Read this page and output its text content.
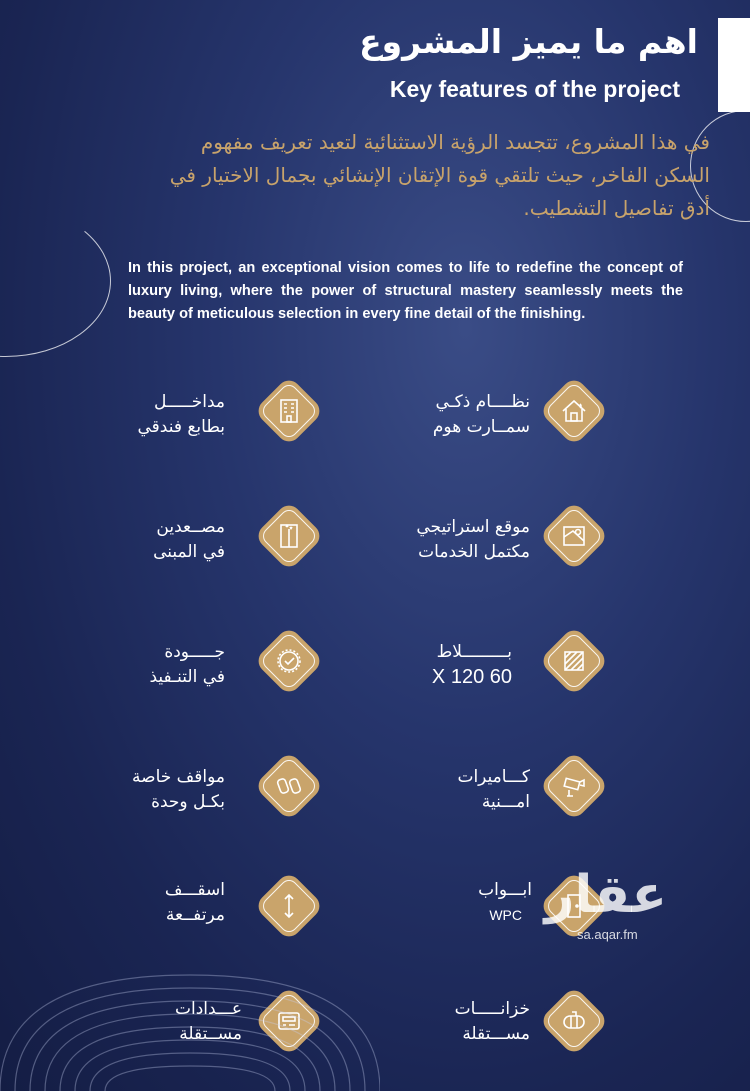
اهم ما يميز المشروع
Key features of the project
في هذا المشروع، تتجسد الرؤية الاستثنائية لتعيد تعريف مفهوم
السكن الفاخر، حيث تلتقي قوة الإتقان الإنشائي بجمال الاختيار في
أدق تفاصيل التشطيب.
In this project, an exceptional vision comes to life to redefine the concept of luxury living, where the power of structural mastery seamlessly meets the beauty of meticulous selection in every fine detail of the finishing.
نظــــام ذكـي
سمــارت هوم
مداخـــــل
بطابع فندقي
موقع استراتيجي
مكتمل الخدمات
مصــعدين
في المبنى
بـــــــــلاط
60 X 120
جـــــودة
في التنـفيذ
كـــاميرات
امـــنية
مواقف خاصة
بكـل وحدة
ابـــواب
WPC
اسقـــف
مرتفــعة
خزانـــــات
مســـتقلة
عـــدادات
مســتقلة
عقار
sa.aqar.fm
